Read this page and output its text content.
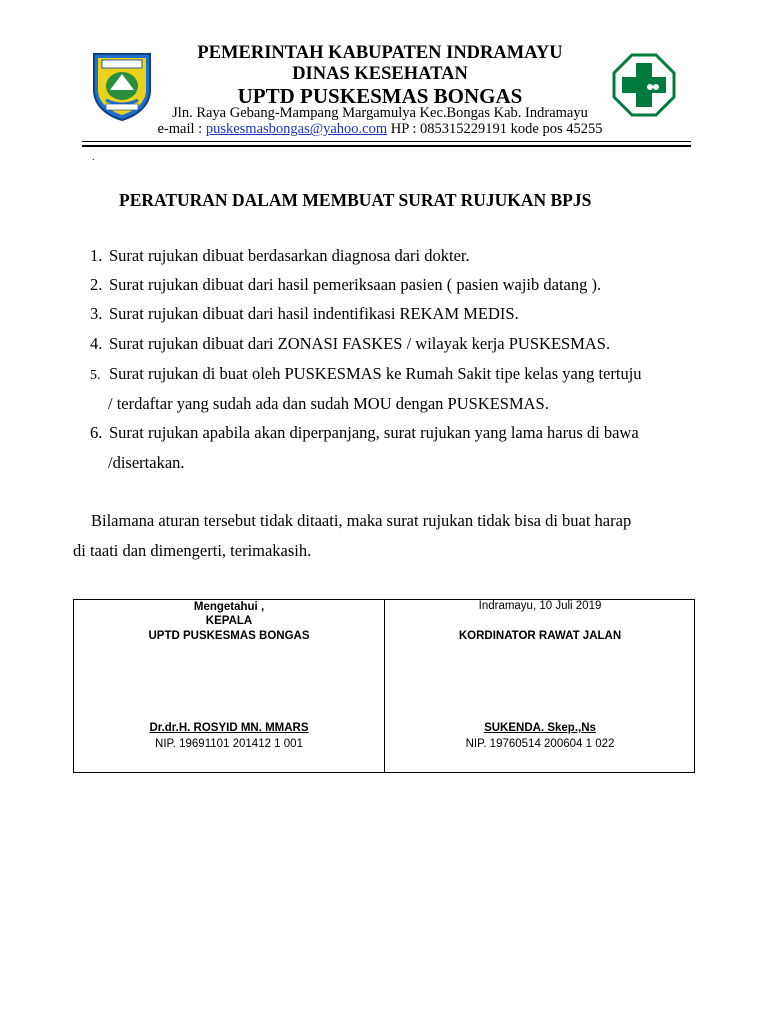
PEMERINTAH KABUPATEN INDRAMAYU
DINAS KESEHATAN
UPTD PUSKESMAS BONGAS
Jln. Raya Gebang-Mampang Margamulya Kec.Bongas Kab. Indramayu
e-mail : puskesmasbongas@yahoo.com HP : 085315229191 kode pos 45255
.
PERATURAN DALAM MEMBUAT SURAT RUJUKAN BPJS
1. Surat rujukan dibuat berdasarkan diagnosa dari dokter.
2. Surat rujukan dibuat dari hasil pemeriksaan pasien ( pasien wajib datang ).
3. Surat rujukan dibuat dari hasil indentifikasi REKAM MEDIS.
4. Surat rujukan dibuat dari ZONASI FASKES / wilayak kerja PUSKESMAS.
5. Surat rujukan di buat oleh PUSKESMAS ke Rumah Sakit tipe kelas yang tertuju
/ terdaftar yang sudah ada dan sudah MOU dengan PUSKESMAS.
6. Surat rujukan apabila akan diperpanjang, surat rujukan yang lama harus di bawa
/disertakan.
Bilamana aturan tersebut tidak ditaati, maka surat rujukan tidak bisa di buat harap
di taati dan dimengerti, terimakasih.
Mengetahui ,
KEPALA
UPTD PUSKESMAS BONGAS
Dr.dr.H. ROSYID MN. MMARS
NIP. 19691101 201412 1 001
Indramayu, 10 Juli 2019
KORDINATOR RAWAT JALAN
SUKENDA. Skep.,Ns
NIP. 19760514 200604 1 022
